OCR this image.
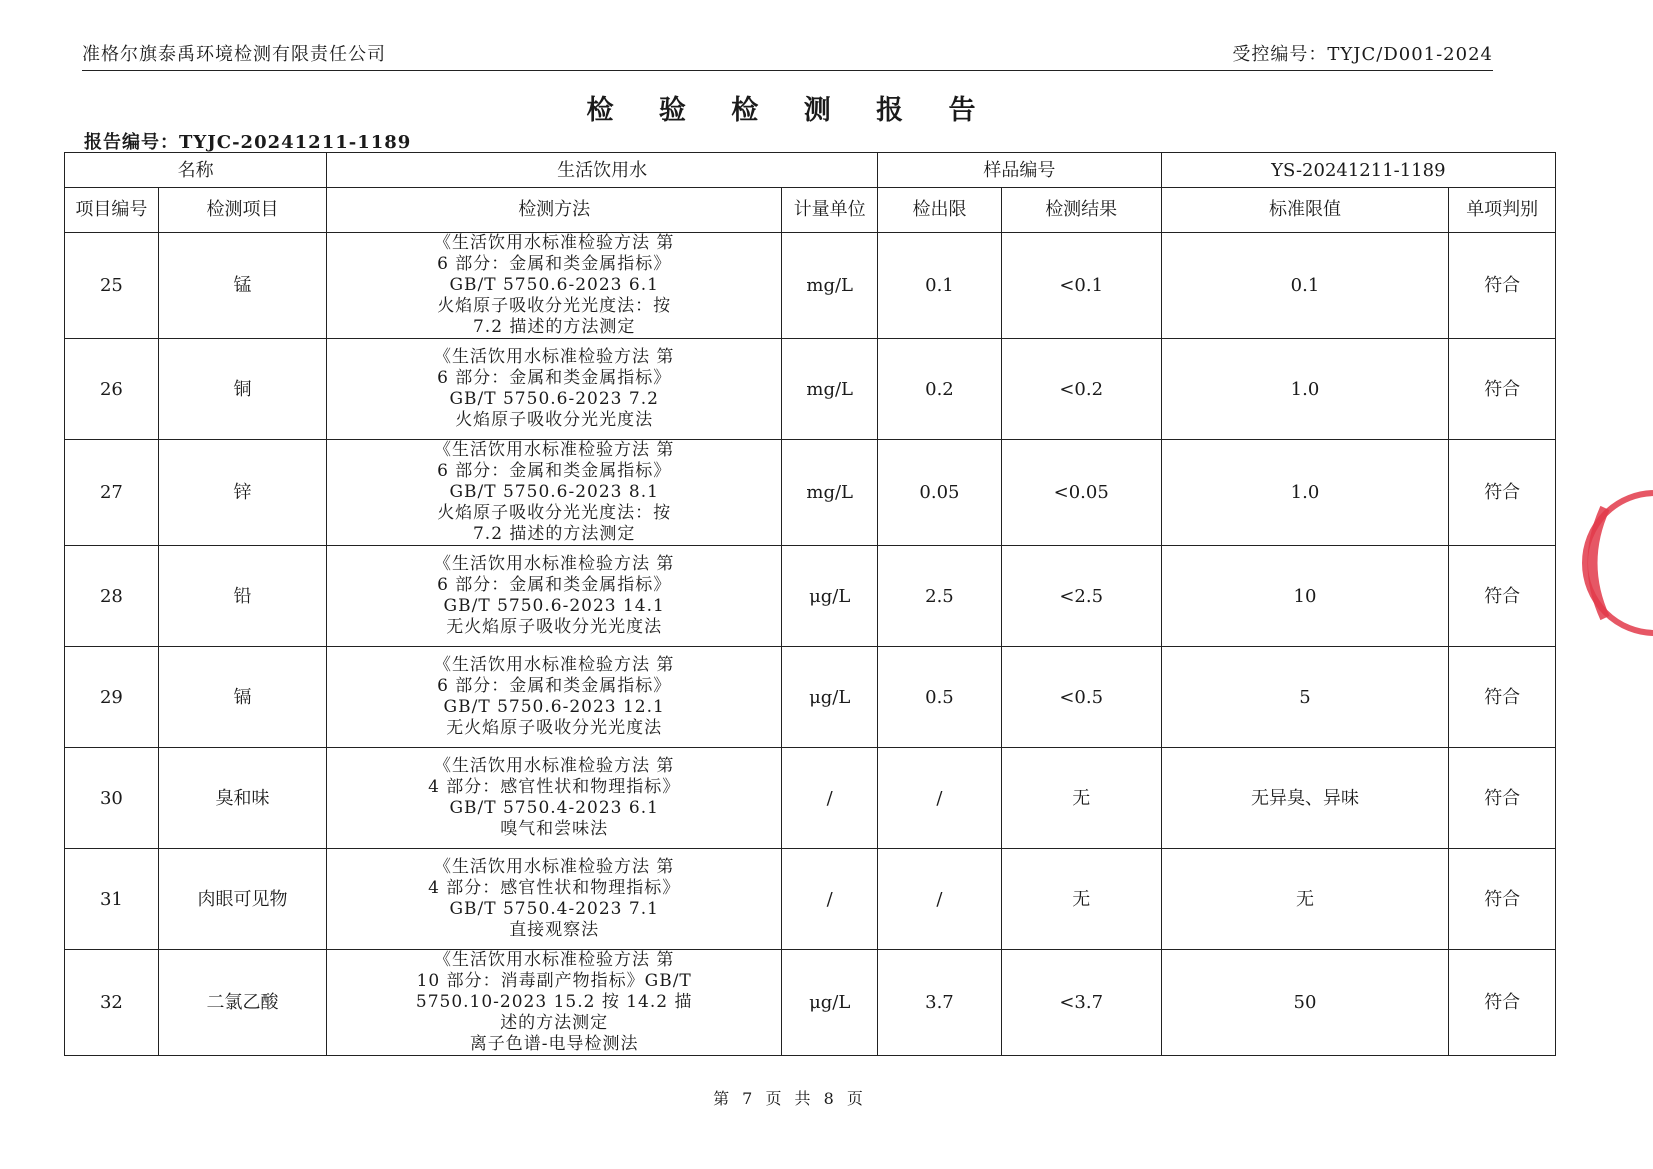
准格尔旗泰禹环境检测有限责任公司	受控编号：TYJC/D001-2024
检 验 检 测 报 告
报告编号：TYJC-20241211-1189
名称		生活饮用水		样品编号		YS-20241211-1189	
项目编号	检测项目	检测方法	计量单位	检出限	检测结果	标准限值	单项判别
25	锰	《生活饮用水标准检验方法 第
6 部分：金属和类金属指标》
GB/T 5750.6-2023 6.1
火焰原子吸收分光光度法：按
7.2 描述的方法测定	mg/L	0.1	<0.1	0.1	符合
26	铜	《生活饮用水标准检验方法 第
6 部分：金属和类金属指标》
GB/T 5750.6-2023 7.2
火焰原子吸收分光光度法	mg/L	0.2	<0.2	1.0	符合
27	锌	《生活饮用水标准检验方法 第
6 部分：金属和类金属指标》
GB/T 5750.6-2023 8.1
火焰原子吸收分光光度法：按
7.2 描述的方法测定	mg/L	0.05	<0.05	1.0	符合
28	铅	《生活饮用水标准检验方法 第
6 部分：金属和类金属指标》
GB/T 5750.6-2023 14.1
无火焰原子吸收分光光度法	μg/L	2.5	<2.5	10	符合
29	镉	《生活饮用水标准检验方法 第
6 部分：金属和类金属指标》
GB/T 5750.6-2023 12.1
无火焰原子吸收分光光度法	μg/L	0.5	<0.5	5	符合
30	臭和味	《生活饮用水标准检验方法 第
4 部分：感官性状和物理指标》
GB/T 5750.4-2023 6.1
嗅气和尝味法	/	/	无	无异臭、异味	符合
31	肉眼可见物	《生活饮用水标准检验方法 第
4 部分：感官性状和物理指标》
GB/T 5750.4-2023 7.1
直接观察法	/	/	无	无	符合
32	二氯乙酸	《生活饮用水标准检验方法 第
10 部分：消毒副产物指标》GB/T
5750.10-2023 15.2 按 14.2 描
述的方法测定
离子色谱-电导检测法	μg/L	3.7	<3.7	50	符合
第 7 页 共 8 页
